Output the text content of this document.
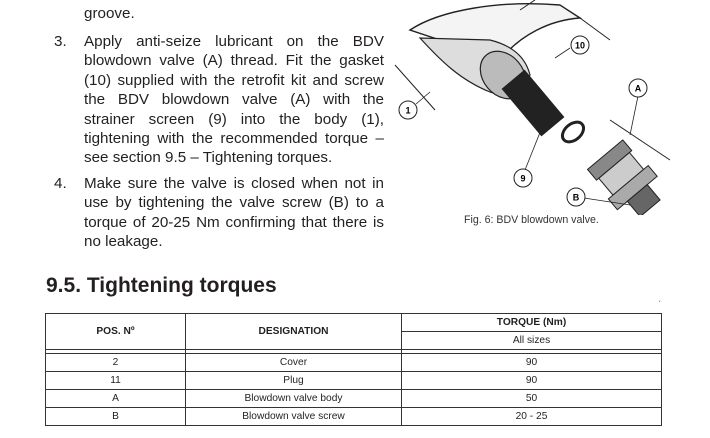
groove.
3. Apply anti-seize lubricant on the BDV blowdown valve (A) thread. Fit the gasket (10) supplied with the retrofit kit and screw the BDV blowdown valve (A) with the strainer screen (9) into the body (1), tightening with the recommended torque – see section 9.5 – Tightening torques.
4. Make sure the valve is closed when not in use by tightening the valve screw (B) to a torque of 20-25 Nm confirming that there is no leakage.
10
A
1
9
B
Fig. 6: BDV blowdown valve.
9.5. Tightening torques	ˏ
POS. Nº	DESIGNATION	TORQUE (Nm)
		All sizes

2	Cover	90
11	Plug	90
A	Blowdown valve body	50
B	Blowdown valve screw	20 - 25
